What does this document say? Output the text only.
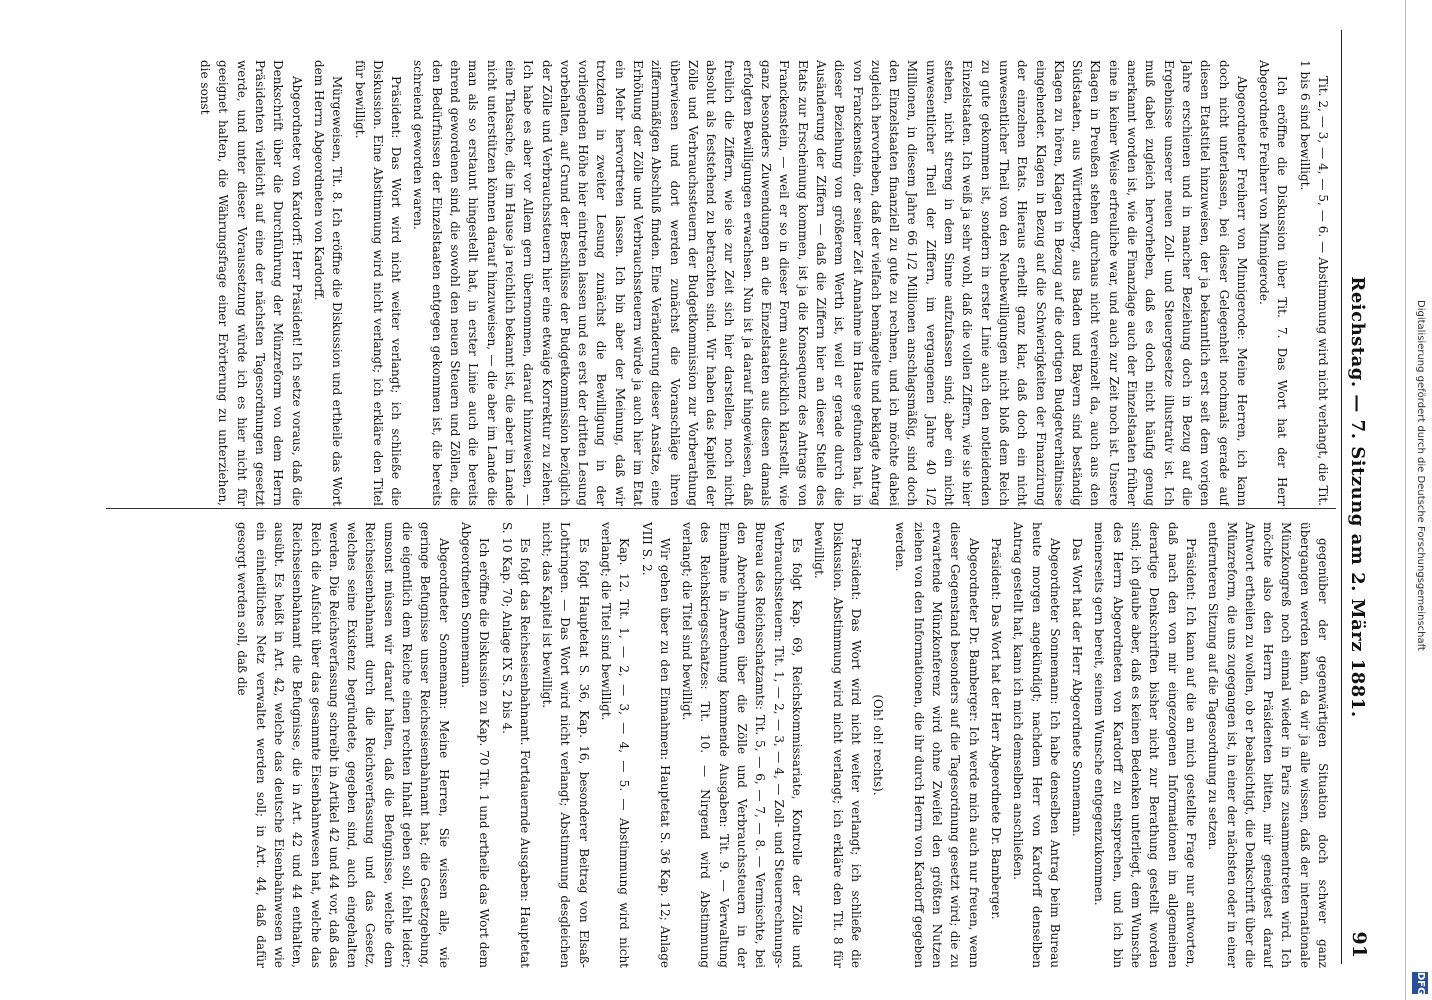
Digitalisierung gefördert durch die Deutsche Forschungsgemeinschaft
DFG
Reichstag. — 7. Sitzung am 2. März 1881.
91

Tit. 2, — 3, — 4, — 5, — 6. — Abstimmung wird nicht verlangt, die Tit. 1 bis 6 sind bewilligt.

Ich eröffne die Diskussion über Tit. 7. Das Wort hat der Herr Abgeordnete Freiherr von Minnigerode.

Abgeordneter Freiherr von Minnigerode: Meine Herren, ich kann doch nicht unterlassen, bei dieser Gelegenheit nochmals gerade auf diesen Etatstitel hinzuweisen, der ja bekanntlich erst seit dem vorigen Jahre erschienen und in mancher Beziehung doch in Bezug auf die Ergebnisse unserer neuen Zoll- und Steuergesetze illustrativ ist. Ich muß dabei zugleich hervorheben, daß es doch nicht häufig genug anerkannt worden ist, wie die Finanzlage auch der Einzelstaaten früher eine in keiner Weise erfreuliche war, und auch zur Zeit noch ist. Unsere Klagen in Preußen stehen durchaus nicht vereinzelt da, auch aus den Südstaaten, aus Württemberg, aus Baden und Bayern sind beständig Klagen zu hören, Klagen in Bezug auf die dortigen Budgetverhältnisse eingehender. Klagen in Bezug auf die Schwierigkeiten der Finanzirung der einzelnen Etats. Hieraus erhellt ganz klar, daß doch ein nicht unwesentlicher Theil von den Neubewilligungen nicht bloß dem Reich zu gute gekommen ist, sondern in erster Linie auch den notleidenden Einzelstaaten. Ich weiß ja sehr wohl, daß die vollen Ziffern, wie sie hier stehen, nicht streng in dem Sinne aufzufassen sind; aber ein nicht unwesentlicher Theil der Ziffern, im vergangenen Jahre 40 1/2 Millionen, in diesem Jahre 66 1/2 Millionen anschlagsmäßig, sind doch den Einzelstaaten finanziell zu gute zu rechnen, und ich möchte dabei zugleich hervorheben, daß der vielfach bemängelte und beklagte Antrag von Franckenstein, der seiner Zeit Annahme im Hause gefunden hat, in dieser Beziehung von größerem Werth ist, weil er gerade durch die Ausänderung der Ziffern — daß die Ziffern hier an dieser Stelle des Etats zur Erscheinung kommen, ist ja die Konsequenz des Antrags von Franckenstein, — weil er so in dieser Form ausdrücklich klarstellt, wie ganz besonders Zuwendungen an die Einzelstaaten aus diesen damals erfolgten Bewilligungen erwachsen. Nun ist ja darauf hingewiesen, daß freilich die Ziffern, wie sie zur Zeit sich hier darstellen, noch nicht absolut als feststehend zu betrachten sind. Wir haben das Kapitel der Zölle und Verbrauchssteuern der Budgetkommission zur Vorberathung überwiesen und dort werden zunächst die Voranschläge ihren ziffernmäßigen Abschluß finden. Eine Veränderung dieser Ansätze, eine Erhöhung der Zölle und Verbrauchssteuern würde ja auch hier im Etat ein Mehr hervortreten lassen. Ich bin aber der Meinung, daß wir trotzdem in zweiter Lesung zunächst die Bewilligung in der vorliegenden Höhe hier eintreten lassen und es erst der dritten Lesung vorbehalten, auf Grund der Beschlüsse der Budgetkommission bezüglich der Zölle und Verbrauchssteuern hier eine etwaige Korrektur zu ziehen. Ich habe es aber vor Allem gern übernommen, darauf hinzuweisen, — eine Thatsache, die im Hause ja reichlich bekannt ist, die aber im Lande nicht unterstützen können darauf hinzuweisen, — die aber im Lande die man als so erstaunt hingestellt hat, in erster Linie auch die bereits ehrend gewordenen sind, die sowohl den neuen Steuern und Zöllen, die den Bedürfnissen der Einzelstaaten entgegen gekommen ist, die bereits schreiend geworden waren.

Präsident: Das Wort wird nicht weiter verlangt; ich schließe die Diskussion. Eine Abstimmung wird nicht verlangt; ich erkläre den Titel für bewilligt.

Mürgeweisen, Tit. 8. Ich eröffne die Diskussion und ertheile das Wort dem Herrn Abgeordneten von Kardorff.

Abgeordneter von Kardorff: Herr Präsident! Ich setze voraus, daß die Denkschrift über die Durchführung der Münzreform von dem Herrn Präsidenten vielleicht auf eine der nächsten Tagesordnungen gesetzt werde, und unter dieser Voraussetzung würde ich es hier nicht für geeignet halten, die Währungsfrage einer Erörterung zu unterziehen, die sonst

gegenüber der gegenwärtigen Situation doch schwer ganz übergangen werden kann, da wir ja alle wissen, daß der internationale Münzkongreß noch einmal wieder in Paris zusammentreten wird. Ich möchte also den Herrn Präsidenten bitten, mir geneigtest darauf Antwort ertheilen zu wollen, ob er beabsichtigt, die Denkschrift über die Münzreform, die uns zugegangen ist, in einer der nächsten oder in einer entfernteren Sitzung auf die Tagesordnung zu setzen.

Präsident: Ich kann auf die an mich gestellte Frage nur antworten, daß nach den von mir eingezogenen Informationen im allgemeinen derartige Denkschriften bisher nicht zur Berathung gestellt worden sind; ich glaube aber, daß es keinen Bedenken unterliegt, dem Wunsche des Herrn Abgeordneten von Kardorff zu entsprechen, und ich bin meinerseits gern bereit, seinem Wunsche entgegenzukommen.

Das Wort hat der Herr Abgeordnete Sonnemann.

Abgeordneter Sonnemann: Ich habe denselben Antrag beim Bureau heute morgen angekündigt; nachdem Herr von Kardorff denselben Antrag gestellt hat, kann ich mich demselben anschließen.

Präsident: Das Wort hat der Herr Abgeordnete Dr. Bamberger.

Abgeordneter Dr. Bamberger: Ich werde mich auch nur freuen, wenn dieser Gegenstand besonders auf die Tagesordnung gesetzt wird; die zu erwartende Münzkonferenz wird ohne Zweifel den größten Nutzen ziehen von den Informationen, die ihr durch Herrn von Kardorff gegeben werden.

(Oh! oh! rechts).

Präsident: Das Wort wird nicht weiter verlangt; ich schließe die Diskussion. Abstimmung wird nicht verlangt; ich erkläre den Tit. 8 für bewilligt.

Es folgt Kap. 69, Reichskommissariate, Kontrolle der Zölle und Verbrauchssteuern: Tit. 1, — 2, — 3, — 4, — Zoll- und Steuerrechnungs-Bureau des Reichsschatzamts: Tit. 5, — 6, — 7, — 8. — Vermischte, bei den Abrechnungen über die Zölle und Verbrauchssteuern in der Einnahme in Anrechnung kommende Ausgaben: Tit. 9. — Verwaltung des Reichskriegsschatzes: Tit. 10. — Nirgend wird Abstimmung verlangt; die Titel sind bewilligt.

Wir gehen über zu den Einnahmen: Hauptetat S. 36 Kap. 12; Anlage VIII S. 2.

Kap. 12. Tit. 1, — 2, — 3, — 4, — 5. — Abstimmung wird nicht verlangt; die Titel sind bewilligt.

Es folgt Hauptetat S. 36, Kap. 16, besonderer Beitrag von Elsaß-Lothringen. — Das Wort wird nicht verlangt; Abstimmung desgleichen nicht; das Kapitel ist bewilligt.

Es folgt das Reichseisenbahnamt. Fortdauernde Ausgaben: Hauptetat S. 10 Kap. 70; Anlage IX S. 2 bis 4.

Ich eröffne die Diskussion zu Kap. 70 Tit. 1 und ertheile das Wort dem Abgeordneten Sonnemann.

Abgeordneter Sonnemann: Meine Herren, Sie wissen alle, wie geringe Befugnisse unser Reichseisenbahnamt hat; die Gesetzgebung, die eigentlich dem Reiche einen rechten Inhalt geben soll, fehlt leider; umsonst müssen wir darauf halten, daß die Befugnisse, welche dem Reichseisenbahnamt durch die Reichsverfassung und das Gesetz, welches seine Existenz begründete, gegeben sind, auch eingehalten werden. Die Reichsverfassung schreibt in Artikel 42 und 44 vor, daß das Reich die Aufsicht über das gesammte Eisenbahnwesen hat, welche das Reichseisenbahnamt die Befugnisse, die in Art. 42 und 44 enthalten, ausübt. Es heißt in Art. 42, welche das deutsche Eisenbahnwesen wie ein einheitliches Netz verwaltet werden soll; in Art. 44, daß dafür gesorgt werden soll, daß die
